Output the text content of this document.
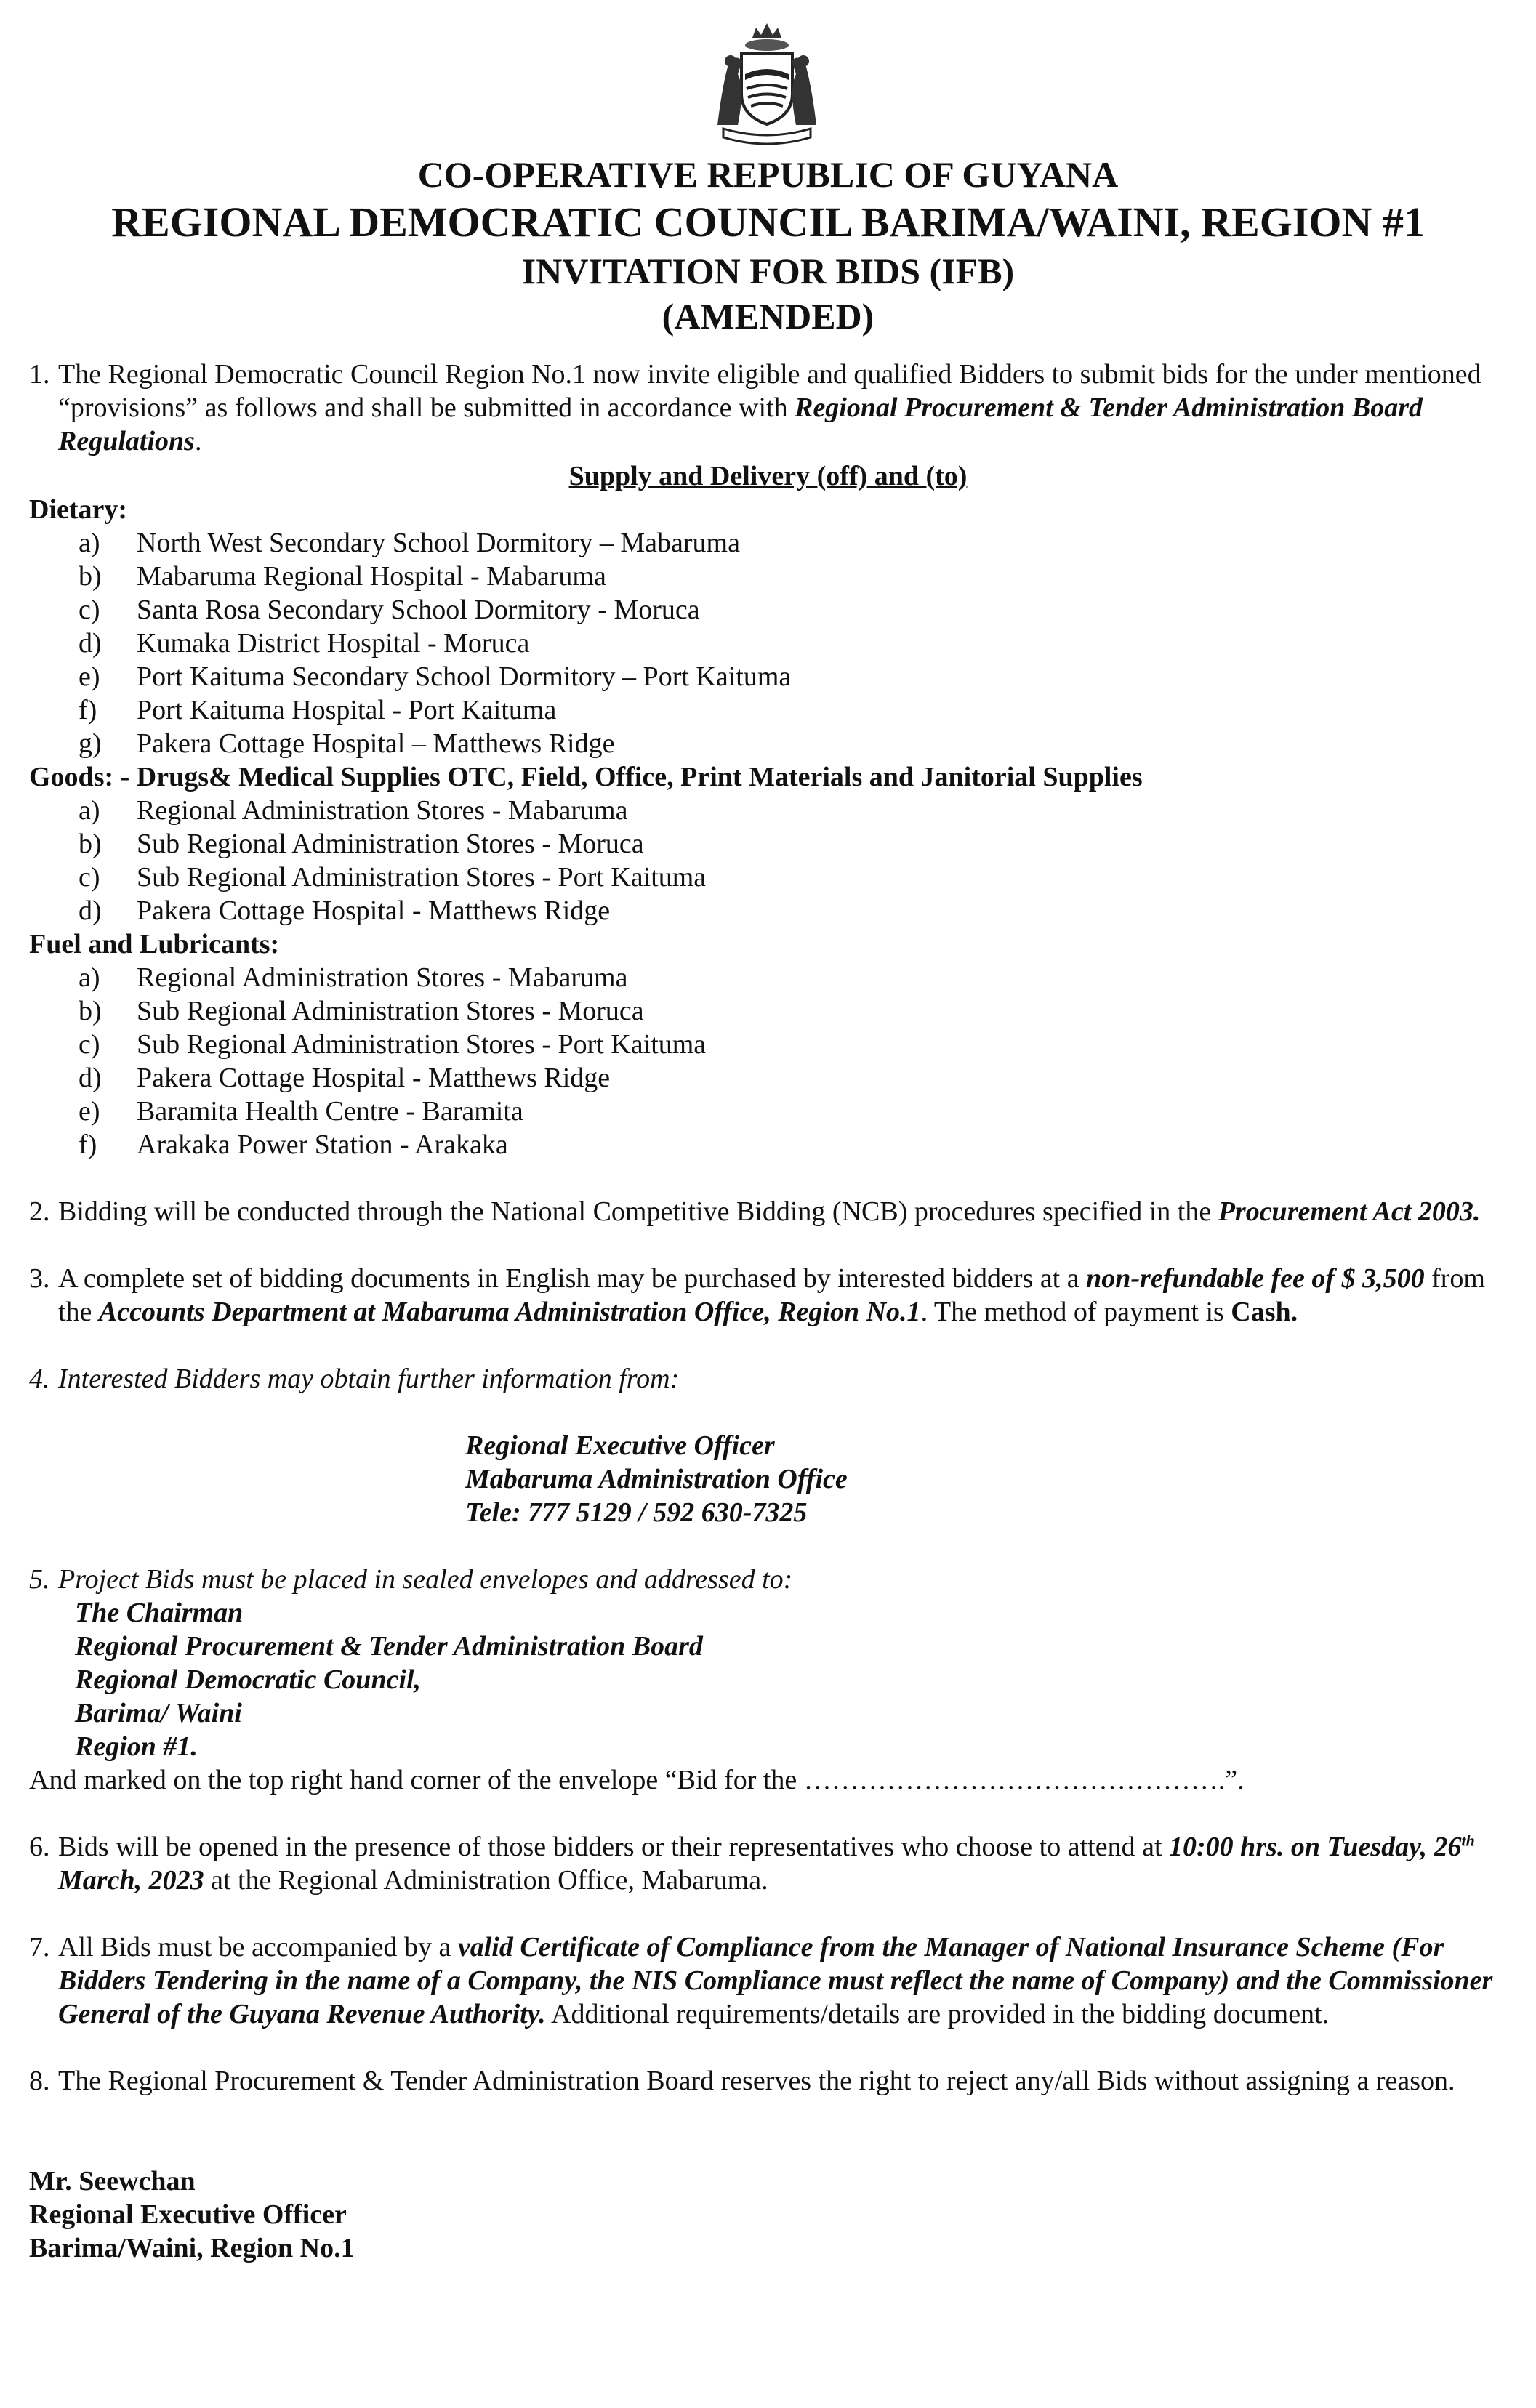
CO-OPERATIVE REPUBLIC OF GUYANA
REGIONAL DEMOCRATIC COUNCIL BARIMA/WAINI, REGION #1
INVITATION FOR BIDS (IFB)
(AMENDED)
1. The Regional Democratic Council Region No.1 now invite eligible and qualified Bidders to submit bids for the under mentioned “provisions” as follows and shall be submitted in accordance with Regional Procurement & Tender Administration Board Regulations.
Supply and Delivery (off) and (to)
Dietary:
a) North West Secondary School Dormitory – Mabaruma
b) Mabaruma Regional Hospital - Mabaruma
c) Santa Rosa Secondary School Dormitory - Moruca
d) Kumaka District Hospital - Moruca
e) Port Kaituma Secondary School Dormitory – Port Kaituma
f) Port Kaituma Hospital - Port Kaituma
g) Pakera Cottage Hospital – Matthews Ridge
Goods: - Drugs& Medical Supplies OTC, Field, Office, Print Materials and Janitorial Supplies
a) Regional Administration Stores - Mabaruma
b) Sub Regional Administration Stores - Moruca
c) Sub Regional Administration Stores - Port Kaituma
d) Pakera Cottage Hospital - Matthews Ridge
Fuel and Lubricants:
a) Regional Administration Stores - Mabaruma
b) Sub Regional Administration Stores - Moruca
c) Sub Regional Administration Stores - Port Kaituma
d) Pakera Cottage Hospital - Matthews Ridge
e) Baramita Health Centre - Baramita
f) Arakaka Power Station - Arakaka
2. Bidding will be conducted through the National Competitive Bidding (NCB) procedures specified in the Procurement Act 2003.
3. A complete set of bidding documents in English may be purchased by interested bidders at a non-refundable fee of $ 3,500 from the Accounts Department at Mabaruma Administration Office, Region No.1. The method of payment is Cash.
4. Interested Bidders may obtain further information from:
Regional Executive Officer
Mabaruma Administration Office
Tele: 777 5129 / 592 630-7325
5. Project Bids must be placed in sealed envelopes and addressed to:
The Chairman
Regional Procurement & Tender Administration Board
Regional Democratic Council,
Barima/ Waini
Region #1.
And marked on the top right hand corner of the envelope “Bid for the ……………………………………….”.
6. Bids will be opened in the presence of those bidders or their representatives who choose to attend at 10:00 hrs. on Tuesday, 26th March, 2023 at the Regional Administration Office, Mabaruma.
7. All Bids must be accompanied by a valid Certificate of Compliance from the Manager of National Insurance Scheme (For Bidders Tendering in the name of a Company, the NIS Compliance must reflect the name of Company) and the Commissioner General of the Guyana Revenue Authority. Additional requirements/details are provided in the bidding document.
8. The Regional Procurement & Tender Administration Board reserves the right to reject any/all Bids without assigning a reason.
Mr. Seewchan
Regional Executive Officer
Barima/Waini, Region No.1
